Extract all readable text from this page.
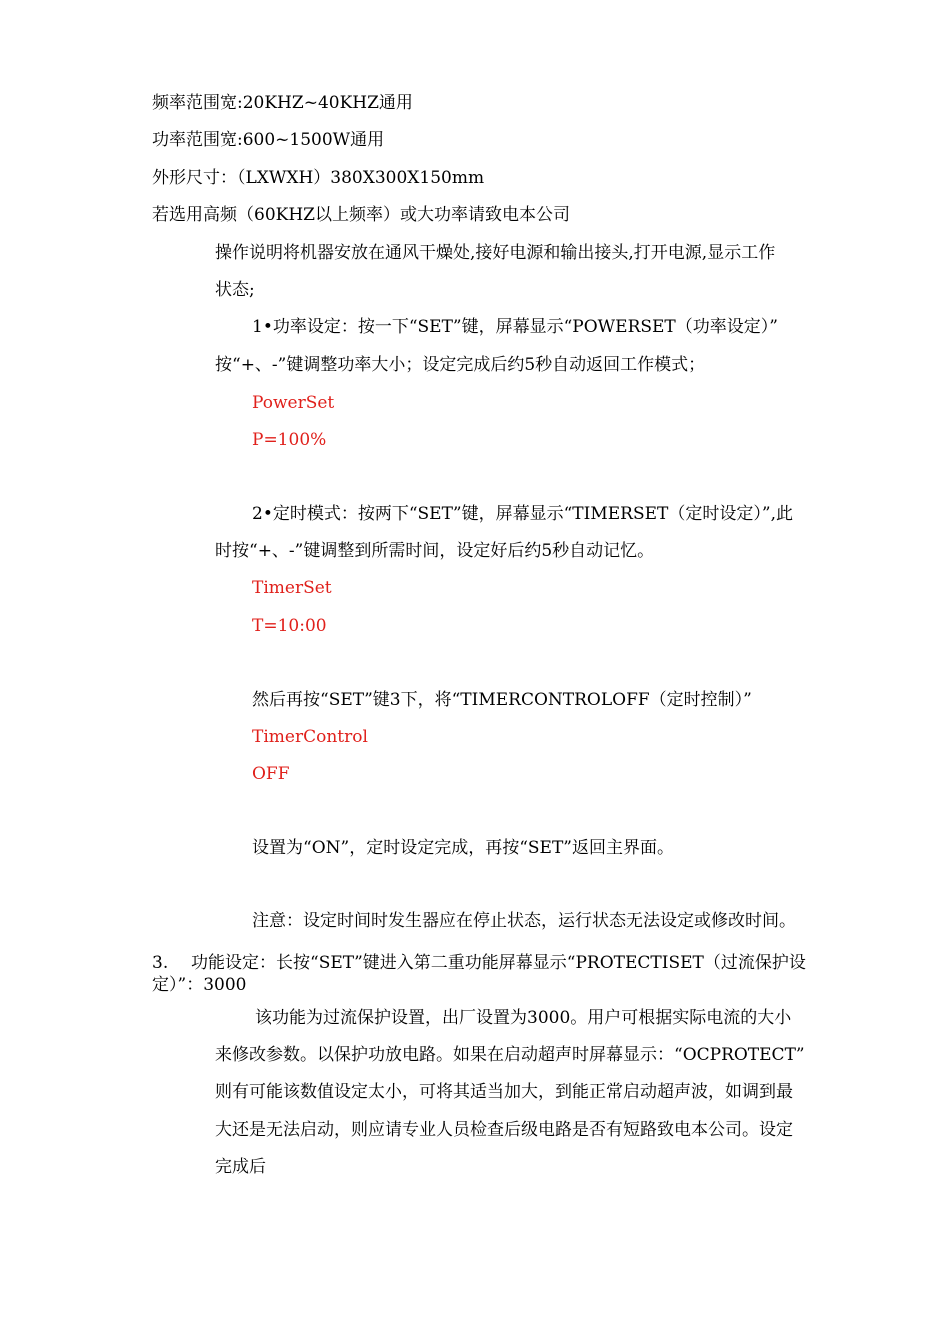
频率范围宽:20KHZ~40KHZ通用
功率范围宽:600~1500W通用
外形尺寸：（LXWXH）380X300X150mm
若选用高频（60KHZ以上频率）或大功率请致电本公司
操作说明将机器安放在通风干燥处,接好电源和输出接头,打开电源,显示工作
状态;
1•功率设定：按一下“SET”键，屏幕显示“POWERSET（功率设定）”
按“+、-”键调整功率大小；设定完成后约5秒自动返回工作模式；
PowerSet
P=100%
2•定时模式：按两下“SET”键，屏幕显示“TIMERSET（定时设定）”,此
时按“+、-”键调整到所需时间，设定好后约5秒自动记忆。
TimerSet
T=10:00
然后再按“SET”键3下，将“TIMERCONTROLOFF（定时控制）”
TimerControl
OFF
设置为“ON”，定时设定完成，再按“SET”返回主界面。
注意：设定时间时发生器应在停止状态，运行状态无法设定或修改时间。
3. 功能设定：长按“SET”键进入第二重功能屏幕显示“PROTECTISET（过流保护设
定）”：3000
该功能为过流保护设置，出厂设置为3000。用户可根据实际电流的大小
来修改参数。以保护功放电路。如果在启动超声时屏幕显示：“OCPROTECT”
则有可能该数值设定太小，可将其适当加大，到能正常启动超声波，如调到最
大还是无法启动，则应请专业人员检查后级电路是否有短路致电本公司。设定
完成后
